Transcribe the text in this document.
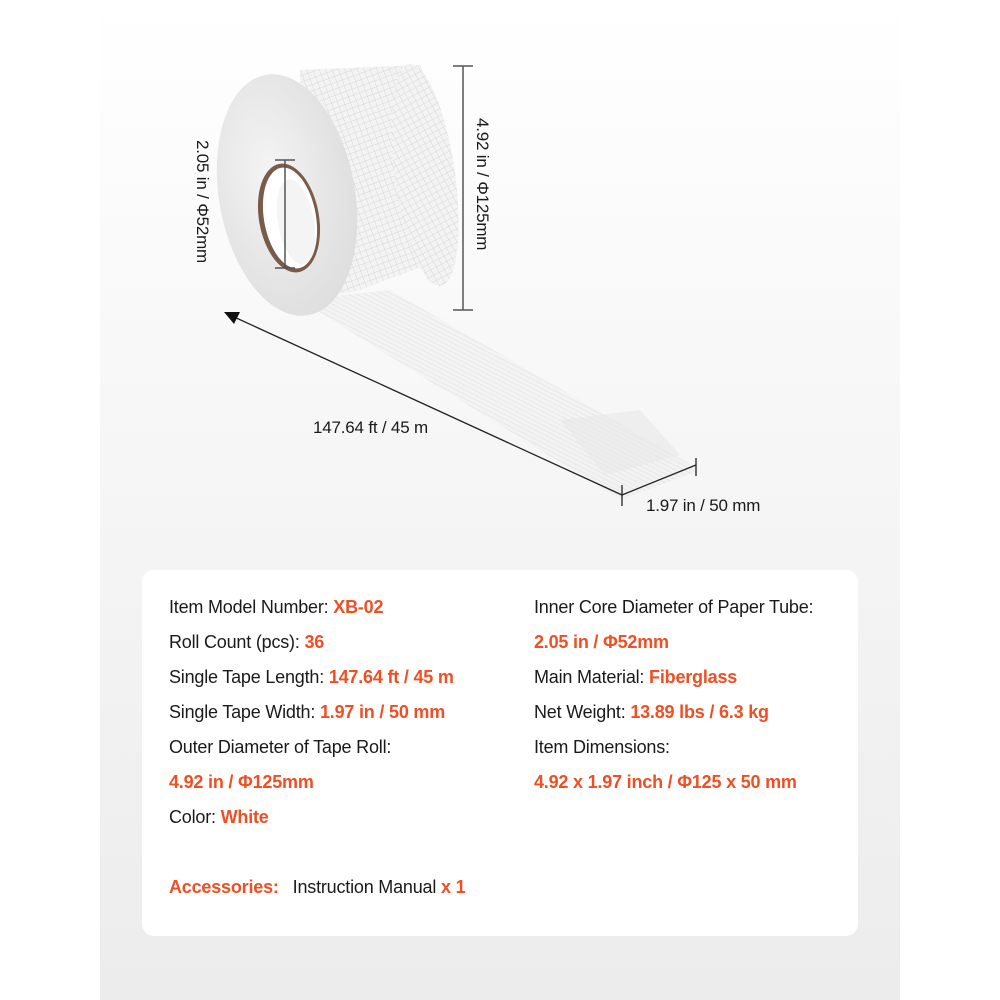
2.05 in / Φ52mm	4.92 in / Φ125mm
147.64 ft / 45 m
1.97 in / 50 mm
Item Model Number: XB-02
Roll Count (pcs): 36
Single Tape Length: 147.64 ft / 45 m
Single Tape Width: 1.97 in / 50 mm
Outer Diameter of Tape Roll:
4.92 in / Φ125mm
Color: White
Inner Core Diameter of Paper Tube:
2.05 in / Φ52mm
Main Material: Fiberglass
Net Weight: 13.89 lbs / 6.3 kg
Item Dimensions:
4.92 x 1.97 inch / Φ125 x 50 mm
Accessories: Instruction Manual x 1
